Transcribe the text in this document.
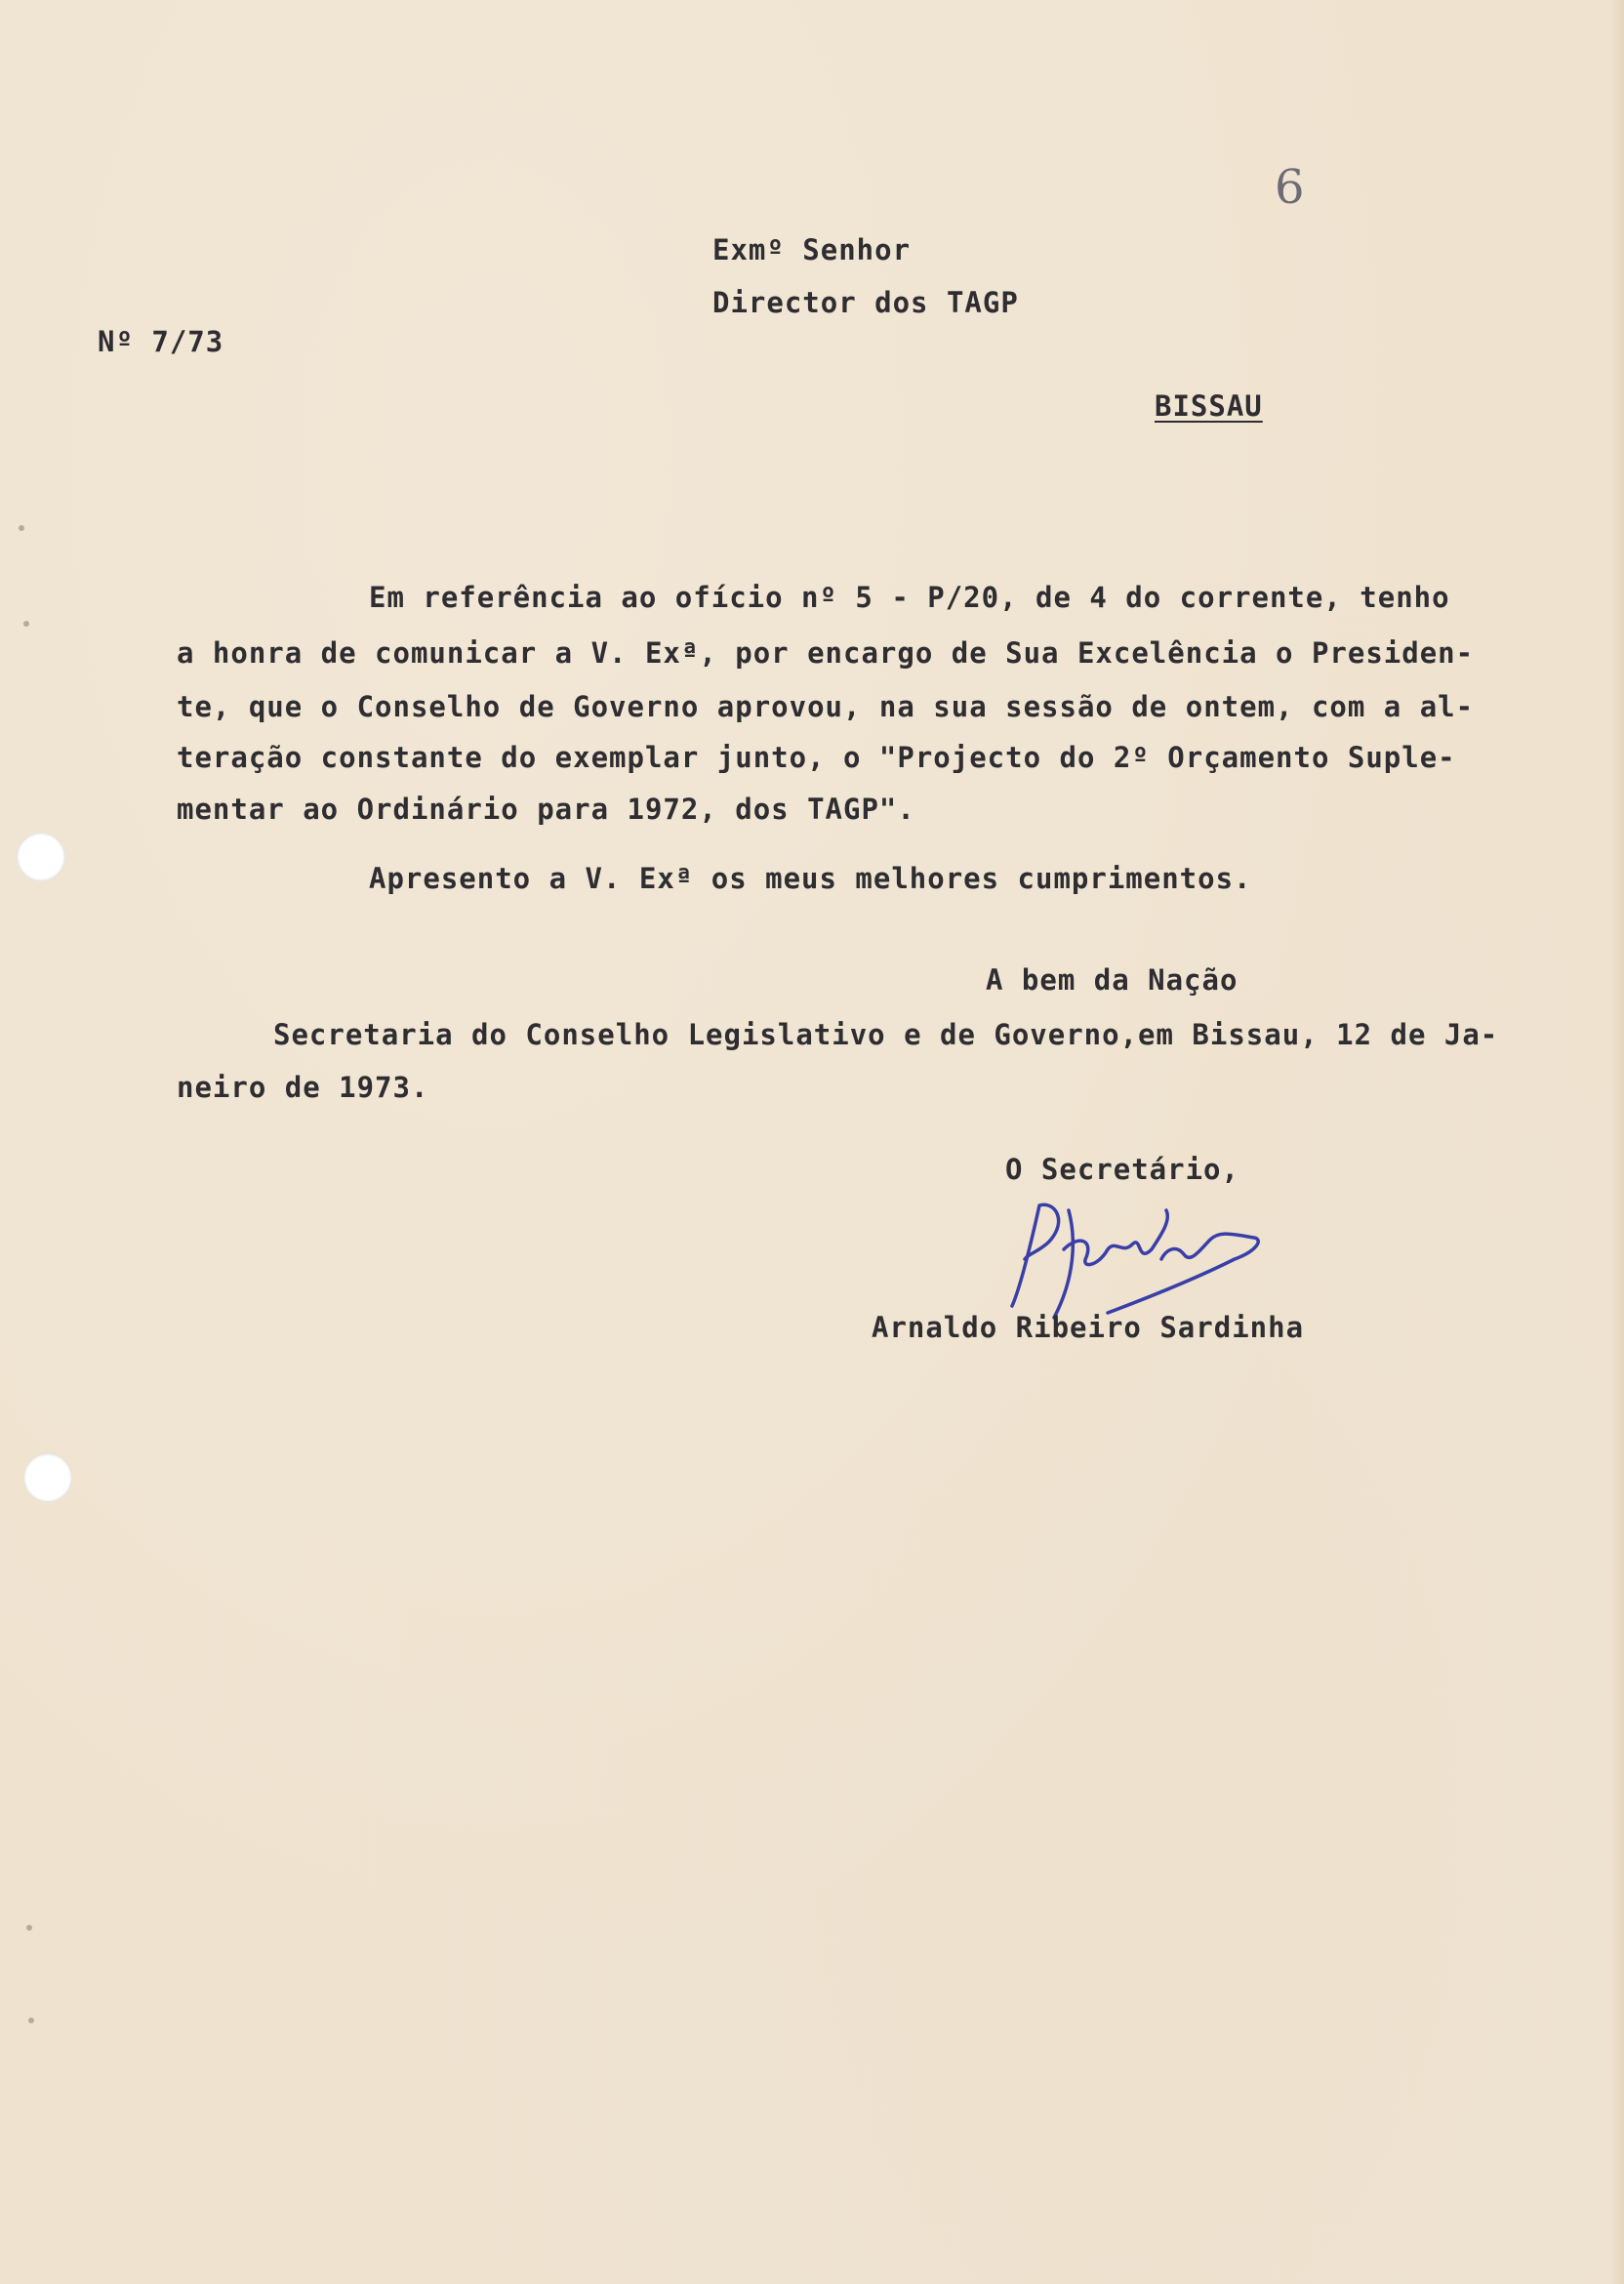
6
Exmº Senhor
Director dos TAGP
Nº 7/73
BISSAU
Em referência ao ofício nº 5 - P/20, de 4 do corrente, tenho
a honra de comunicar a V. Exª, por encargo de Sua Excelência o Presiden-
te, que o Conselho de Governo aprovou, na sua sessão de ontem, com a al-
teração constante do exemplar junto, o "Projecto do 2º Orçamento Suple-
mentar ao Ordinário para 1972, dos TAGP".
Apresento a V. Exª os meus melhores cumprimentos.
A bem da Nação
Secretaria do Conselho Legislativo e de Governo,em Bissau, 12 de Ja-
neiro de 1973.
O Secretário,
Arnaldo Ribeiro Sardinha
